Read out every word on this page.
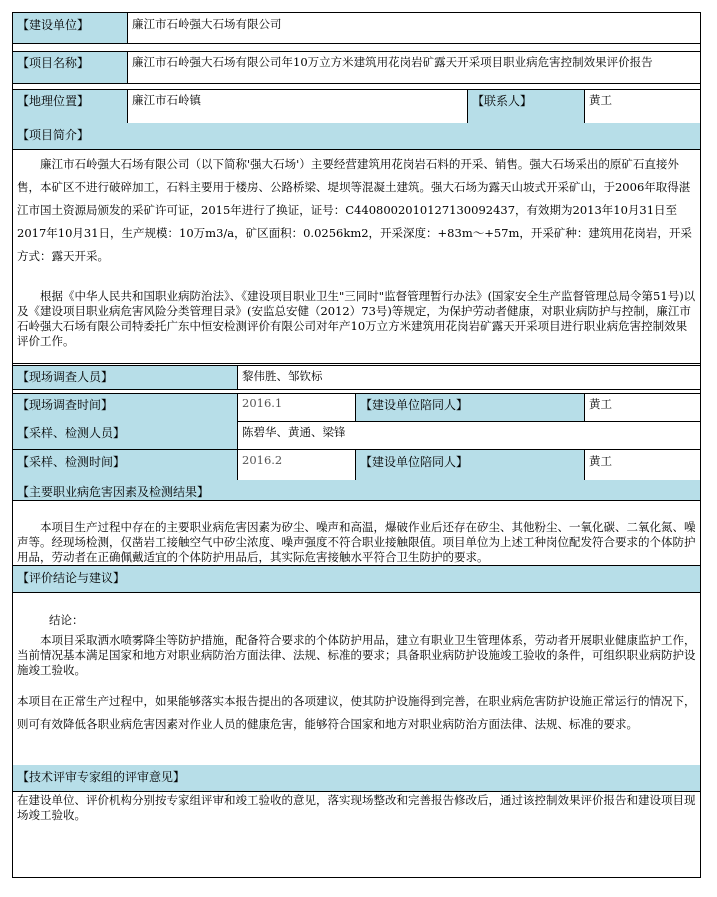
【建设单位】	廉江市石岭强大石场有限公司
【项目名称】	廉江市石岭强大石场有限公司年10万立方米建筑用花岗岩矿露天开采项目职业病危害控制效果评价报告
【地理位置】	廉江市石岭镇	【联系人】	黄工
【项目简介】
廉江市石岭强大石场有限公司（以下简称'强大石场'）主要经营建筑用花岗岩石料的开采、销售。强大石场采出的原矿石直接外售，本矿区不进行破碎加工，石料主要用于楼房、公路桥梁、堤坝等混凝土建筑。强大石场为露天山坡式开采矿山，于2006年取得湛江市国土资源局颁发的采矿许可证，2015年进行了换证，证号：C4408002010127130092437，有效期为2013年10月31日至2017年10月31日，生产规模：10万m3/a，矿区面积：0.0256km2，开采深度：+83m～+57m，开采矿种：建筑用花岗岩，开采方式：露天开采。
根据《中华人民共和国职业病防治法》、《建设项目职业卫生"三同时"监督管理暂行办法》(国家安全生产监督管理总局令第51号)以及《建设项目职业病危害风险分类管理目录》(安监总安健（2012）73号)等规定，为保护劳动者健康，对职业病防护与控制，廉江市石岭强大石场有限公司特委托广东中恒安检测评价有限公司对年产10万立方米建筑用花岗岩矿露天开采项目进行职业病危害控制效果评价工作。
【现场调查人员】	黎伟胜、邹钦标
【现场调查时间】	2016.1	【建设单位陪同人】	黄工
【采样、检测人员】	陈碧华、黄通、梁锋
【采样、检测时间】	2016.2	【建设单位陪同人】	黄工
【主要职业病危害因素及检测结果】
本项目生产过程中存在的主要职业病危害因素为矽尘、噪声和高温，爆破作业后还存在矽尘、其他粉尘、一氧化碳、二氧化氮、噪声等。经现场检测，仅凿岩工接触空气中矽尘浓度、噪声强度不符合职业接触限值。项目单位为上述工种岗位配发符合要求的个体防护用品，劳动者在正确佩戴适宜的个体防护用品后，其实际危害接触水平符合卫生防护的要求。
【评价结论与建议】
结论：
本项目采取洒水喷雾降尘等防护措施，配备符合要求的个体防护用品，建立有职业卫生管理体系，劳动者开展职业健康监护工作，当前情况基本满足国家和地方对职业病防治方面法律、法规、标准的要求；具备职业病防护设施竣工验收的条件，可组织职业病防护设施竣工验收。
本项目在正常生产过程中，如果能够落实本报告提出的各项建议，使其防护设施得到完善，在职业病危害防护设施正常运行的情况下，则可有效降低各职业病危害因素对作业人员的健康危害，能够符合国家和地方对职业病防治方面法律、法规、标准的要求。
【技术评审专家组的评审意见】
在建设单位、评价机构分别按专家组评审和竣工验收的意见，落实现场整改和完善报告修改后，通过该控制效果评价报告和建设项目现场竣工验收。
